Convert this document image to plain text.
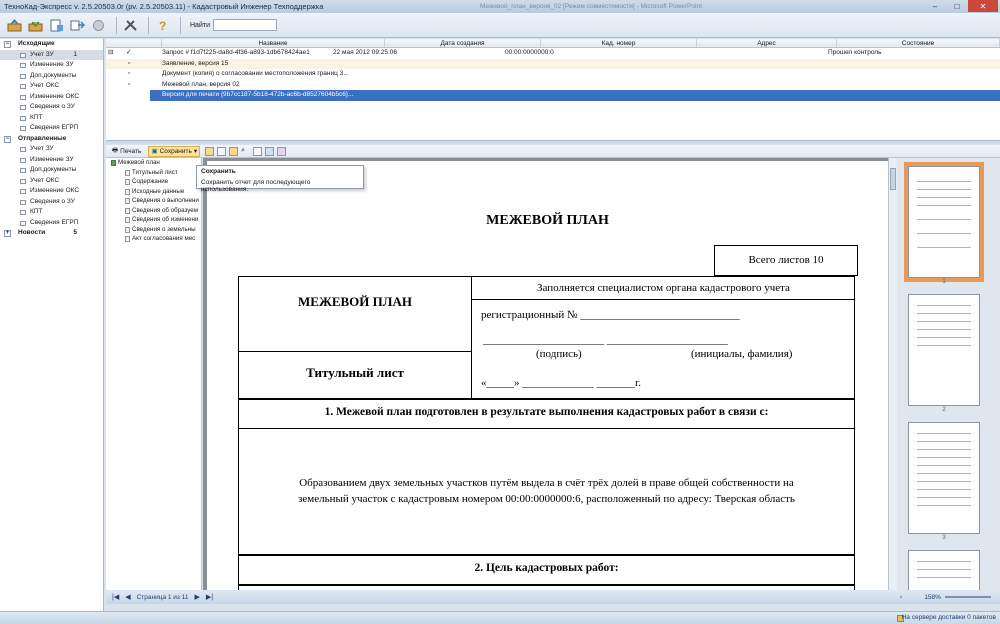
ТехноКад-Экспресс v. 2.5.20503.0r (рv. 2.5.20503.11) - Кадастровый Инженер Техподдержка	Межевой_план_версия_02 [Режим совместимости] - Microsoft PowerPoint	–	□	✕
?	Найти
− Исходящие
Учет ЗУ	1
Изменение ЗУ
Доп.документы
Учет ОКС
Изменение ОКС
Сведения о ЗУ
КПТ
Сведения ЕГРП
− Отправленные
Учет ЗУ
Изменение ЗУ
Доп.документы
Учет ОКС
Изменение ОКС
Сведения о ЗУ
КПТ
Сведения ЕГРП
+ Новости	5
Название	Дата создания	Кад. номер	Адрес	Состояние
⊟ ✓	Запрос # f1d7f225-da8d-4f36-a893-1db678424ae1	22 мая 2012 09:25:06	00:00:0000000:0	Прошел контроль
▫	Заявление, версия 15
▫	Документ (копия) о согласовании местоположения границ 3...
▫	Межевой план, версия 02
Версия для печати {9b7cc187-5b18-472b-ac6b-d8527604b5c6}...
🖶 Печать ▣ Сохранить ▾	⌕
Межевой план
Титульный лист
Содержание
Исходные данные
Сведения о выполнени
Сведения об образуем
Сведения об изменени
Сведения о земельны
Акт согласования мес
МЕЖЕВОЙ ПЛАН
Всего листов 10
МЕЖЕВОЙ ПЛАН
Титульный лист
Заполняется специалистом органа кадастрового учета
регистрационный № _____________________________
______________________ ______________________
(подпись)	(инициалы, фамилия)
«_____» _____________ _______г.
1. Межевой план подготовлен в результате выполнения кадастровых работ в связи с:
Образованием двух земельных участков путём выдела в счёт трёх долей в праве общей собственности на
земельный участок с кадастровым номером 00:00:0000000:6, расположенный по адресу: Тверская область
2. Цель кадастровых работ:
1
2
3
Сохранить
Сохранить отчет для последующего использования.
|◀ ◀ Страница 1 из 11 ▶ ▶|	▫	158%
На сервере доставки 0 пакетов
